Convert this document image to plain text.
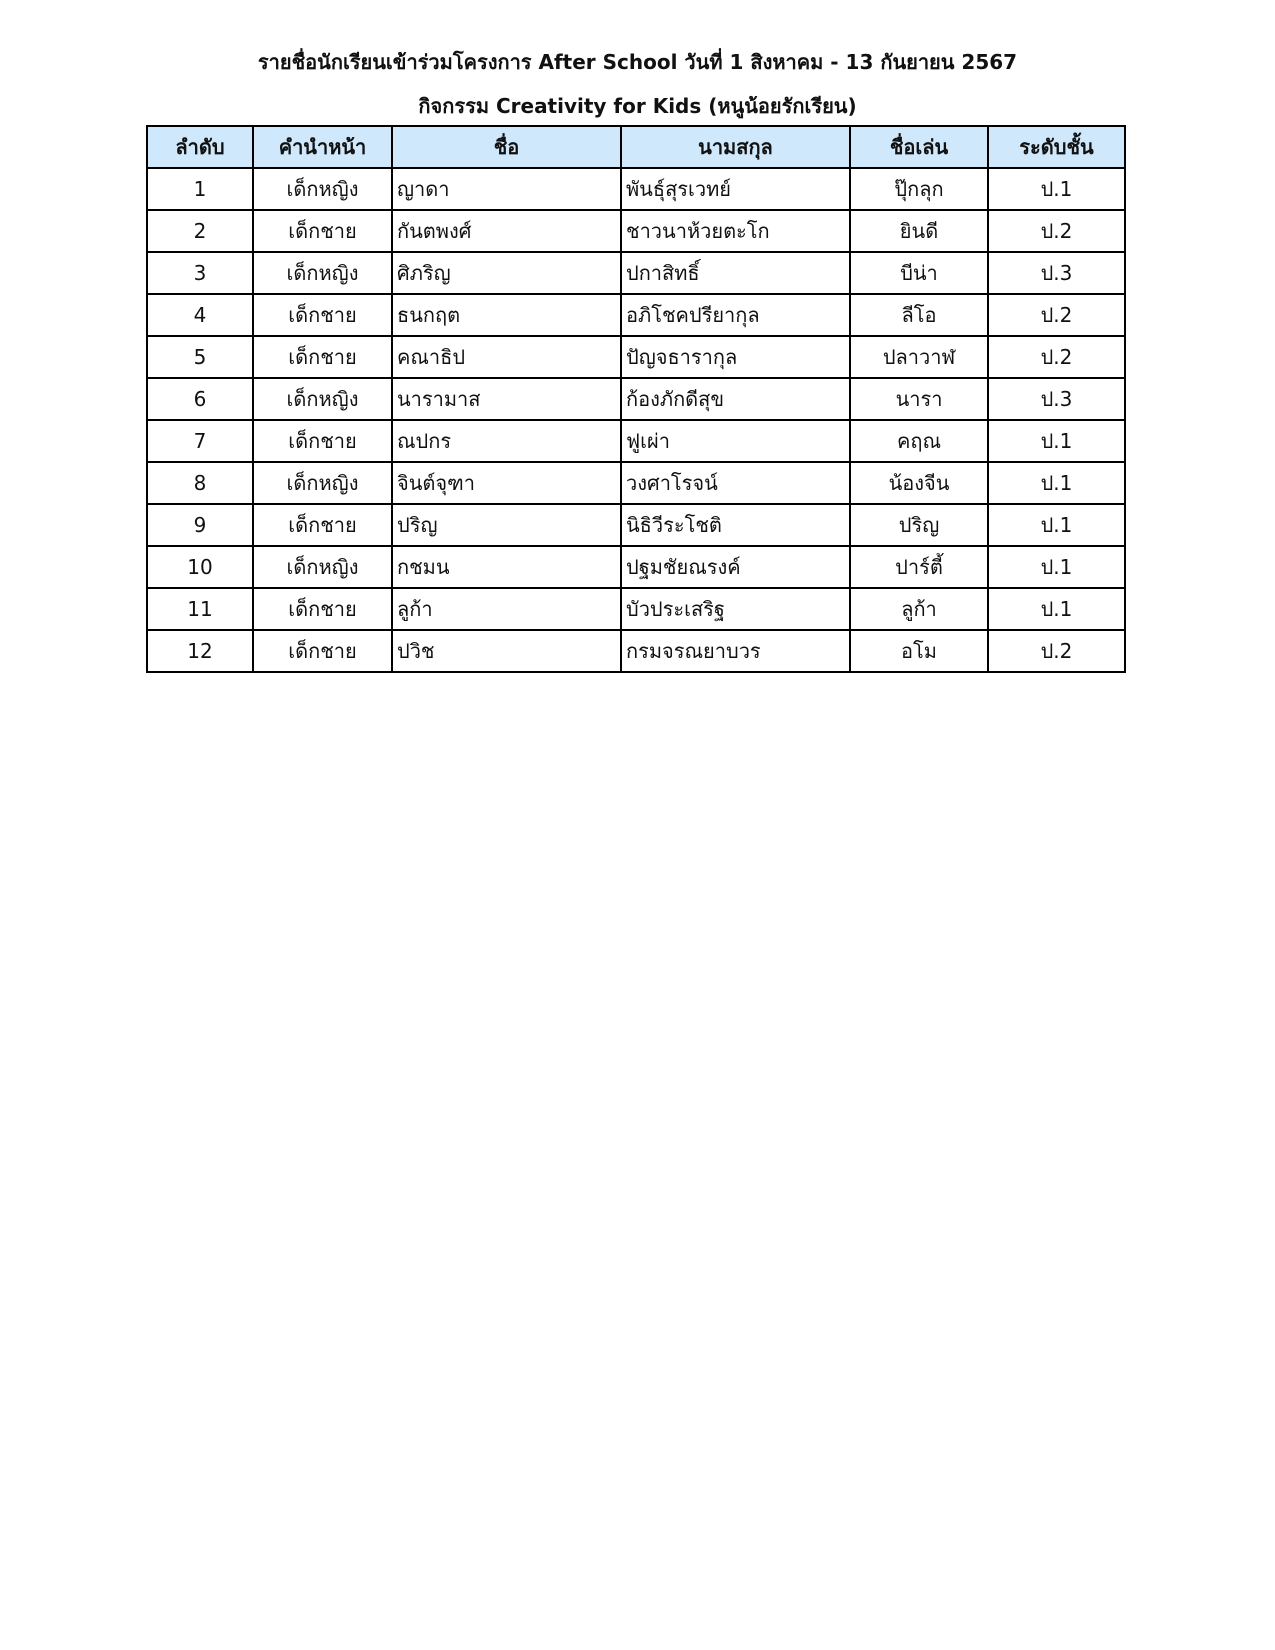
รายชื่อนักเรียนเข้าร่วมโครงการ After School วันที่ 1 สิงหาคม - 13 กันยายน 2567
กิจกรรม Creativity for Kids (หนูน้อยรักเรียน)
ลำดับ	คำนำหน้า	ชื่อ	นามสกุล	ชื่อเล่น	ระดับชั้น
1	เด็กหญิง	ญาดา	พันธุ์สุรเวทย์	ปุ๊กลุก	ป.1
2	เด็กชาย	กันตพงศ์	ชาวนาห้วยตะโก	ยินดี	ป.2
3	เด็กหญิง	ศิภริญ	ปกาสิทธิ์	บีน่า	ป.3
4	เด็กชาย	ธนกฤต	อภิโชคปรียากุล	ลีโอ	ป.2
5	เด็กชาย	คณาธิป	ปัญจธารากุล	ปลาวาฬ	ป.2
6	เด็กหญิง	นารามาส	ก้องภักดีสุข	นารา	ป.3
7	เด็กชาย	ณปกร	ฟูเผ่า	คฤณ	ป.1
8	เด็กหญิง	จินต์จุฑา	วงศาโรจน์	น้องจีน	ป.1
9	เด็กชาย	ปริญ	นิธิวีระโชติ	ปริญ	ป.1
10	เด็กหญิง	กชมน	ปฐมชัยณรงค์	ปาร์ตี้	ป.1
11	เด็กชาย	ลูก้า	บัวประเสริฐ	ลูก้า	ป.1
12	เด็กชาย	ปวิช	กรมจรณยาบวร	อโม	ป.2
